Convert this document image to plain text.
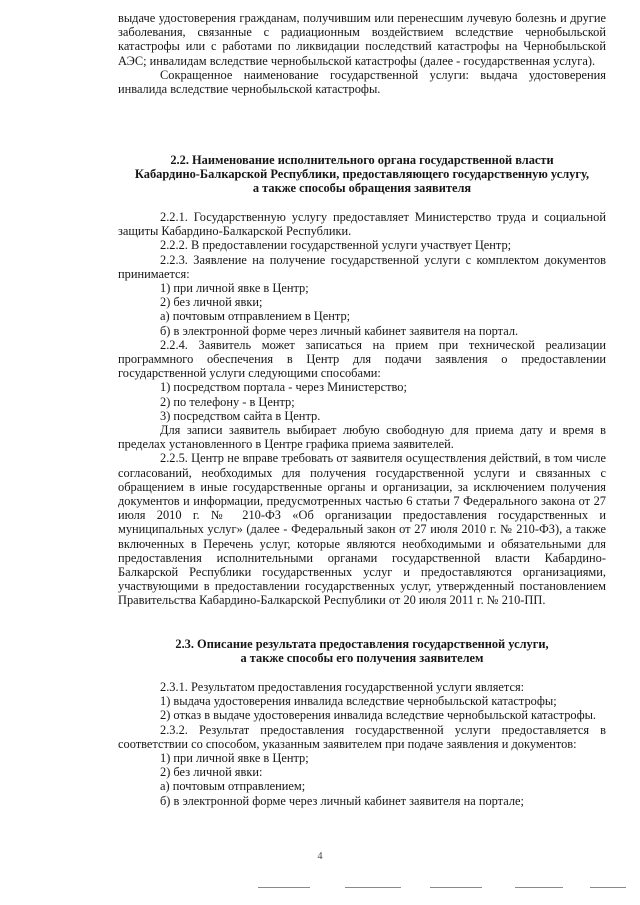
выдаче удостоверения гражданам, получившим или перенесшим лучевую болезнь и другие заболевания, связанные с радиационным воздействием вследствие чернобыльской катастрофы или с работами по ликвидации последствий катастрофы на Чернобыльской АЭС; инвалидам вследствие чернобыльской катастрофы (далее - государственная услуга).

Сокращенное наименование государственной услуги: выдача удостоверения инвалида вследствие чернобыльской катастрофы.

2.2. Наименование исполнительного органа государственной власти

Кабардино-Балкарской Республики, предоставляющего государственную услугу,

а также способы обращения заявителя

2.2.1. Государственную услугу предоставляет Министерство труда и социальной защиты Кабардино-Балкарской Республики.

2.2.2. В предоставлении государственной услуги участвует Центр;

2.2.3. Заявление на получение государственной услуги с комплектом документов принимается:

1) при личной явке в Центр;

2) без личной явки;

а) почтовым отправлением в Центр;

б) в электронной форме через личный кабинет заявителя на портал.

2.2.4. Заявитель может записаться на прием при технической реализации программного обеспечения в Центр для подачи заявления о предоставлении государственной услуги следующими способами:

1) посредством портала - через Министерство;

2) по телефону - в Центр;

3) посредством сайта в Центр.

Для записи заявитель выбирает любую свободную для приема дату и время в пределах установленного в Центре графика приема заявителей.

2.2.5. Центр не вправе требовать от заявителя осуществления действий, в том числе согласований, необходимых для получения государственной услуги и связанных с обращением в иные государственные органы и организации, за исключением получения документов и информации, предусмотренных частью 6 статьи 7 Федерального закона от 27 июля 2010 г. № 210-ФЗ «Об организации предоставления государственных и муниципальных услуг» (далее - Федеральный закон от 27 июля 2010 г. № 210-ФЗ), а также включенных в Перечень услуг, которые являются необходимыми и обязательными для предоставления исполнительными органами государственной власти Кабардино-Балкарской Республики государственных услуг и предоставляются организациями, участвующими в предоставлении государственных услуг, утвержденный постановлением Правительства Кабардино-Балкарской Республики от 20 июля 2011 г. № 210-ПП.

2.3. Описание результата предоставления государственной услуги,

а также способы его получения заявителем

2.3.1. Результатом предоставления государственной услуги является:

1) выдача удостоверения инвалида вследствие чернобыльской катастрофы;

2) отказ в выдаче удостоверения инвалида вследствие чернобыльской катастрофы.

2.3.2. Результат предоставления государственной услуги предоставляется в соответствии со способом, указанным заявителем при подаче заявления и документов:

1) при личной явке в Центр;

2) без личной явки:

а) почтовым отправлением;

б) в электронной форме через личный кабинет заявителя на портале;

4
